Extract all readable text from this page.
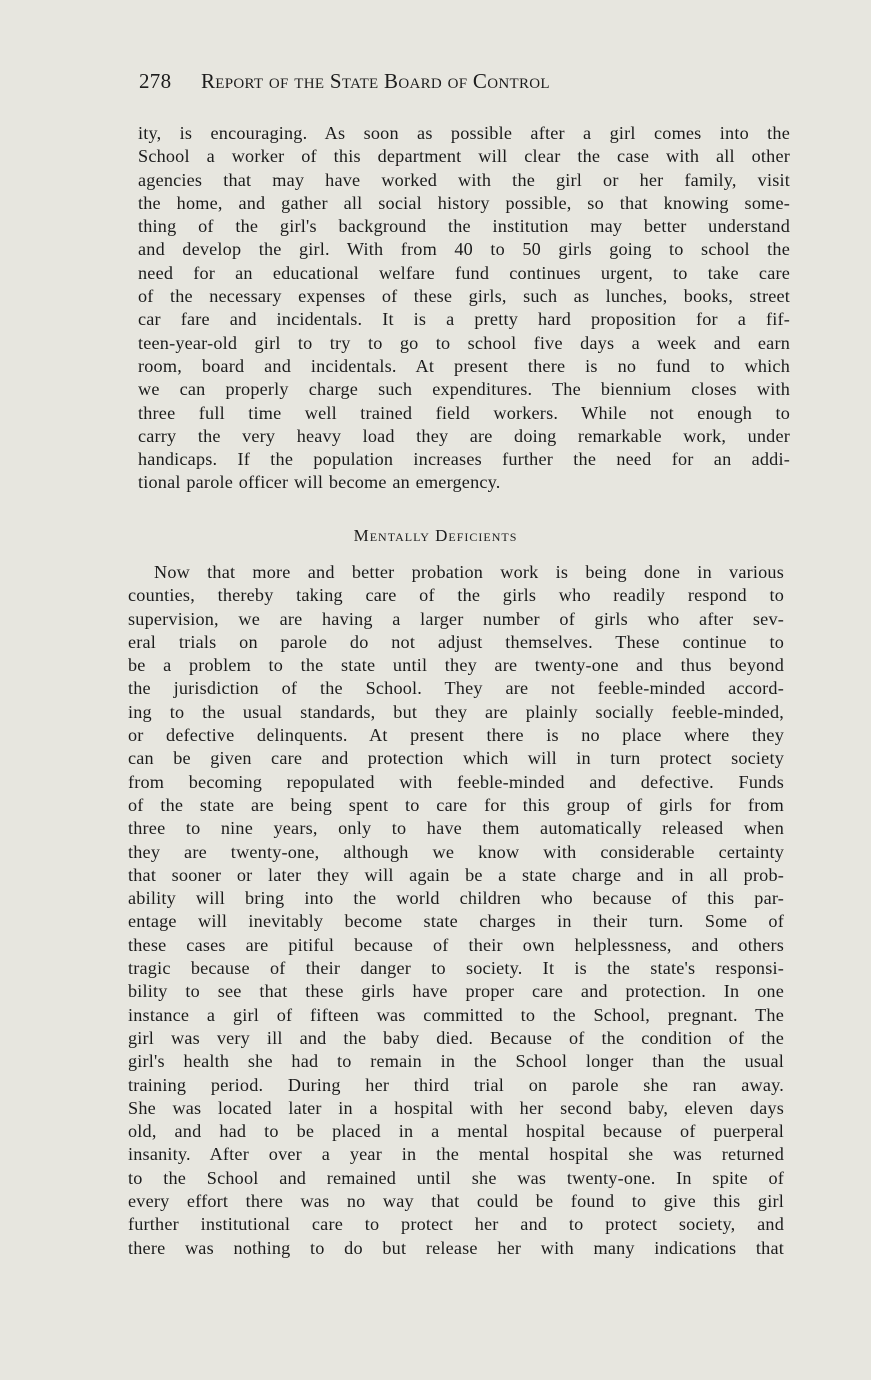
278 Report of the State Board of Control
ity, is encouraging. As soon as possible after a girl comes into the
School a worker of this department will clear the case with all other
agencies that may have worked with the girl or her family, visit
the home, and gather all social history possible, so that knowing some-
thing of the girl's background the institution may better understand
and develop the girl. With from 40 to 50 girls going to school the
need for an educational welfare fund continues urgent, to take care
of the necessary expenses of these girls, such as lunches, books, street
car fare and incidentals. It is a pretty hard proposition for a fif-
teen-year-old girl to try to go to school five days a week and earn
room, board and incidentals. At present there is no fund to which
we can properly charge such expenditures. The biennium closes with
three full time well trained field workers. While not enough to
carry the very heavy load they are doing remarkable work, under
handicaps. If the population increases further the need for an addi-
tional parole officer will become an emergency.
Mentally Deficients
Now that more and better probation work is being done in various
counties, thereby taking care of the girls who readily respond to
supervision, we are having a larger number of girls who after sev-
eral trials on parole do not adjust themselves. These continue to
be a problem to the state until they are twenty-one and thus beyond
the jurisdiction of the School. They are not feeble-minded accord-
ing to the usual standards, but they are plainly socially feeble-minded,
or defective delinquents. At present there is no place where they
can be given care and protection which will in turn protect society
from becoming repopulated with feeble-minded and defective. Funds
of the state are being spent to care for this group of girls for from
three to nine years, only to have them automatically released when
they are twenty-one, although we know with considerable certainty
that sooner or later they will again be a state charge and in all prob-
ability will bring into the world children who because of this par-
entage will inevitably become state charges in their turn. Some of
these cases are pitiful because of their own helplessness, and others
tragic because of their danger to society. It is the state's responsi-
bility to see that these girls have proper care and protection. In one
instance a girl of fifteen was committed to the School, pregnant. The
girl was very ill and the baby died. Because of the condition of the
girl's health she had to remain in the School longer than the usual
training period. During her third trial on parole she ran away.
She was located later in a hospital with her second baby, eleven days
old, and had to be placed in a mental hospital because of puerperal
insanity. After over a year in the mental hospital she was returned
to the School and remained until she was twenty-one. In spite of
every effort there was no way that could be found to give this girl
further institutional care to protect her and to protect society, and
there was nothing to do but release her with many indications that
